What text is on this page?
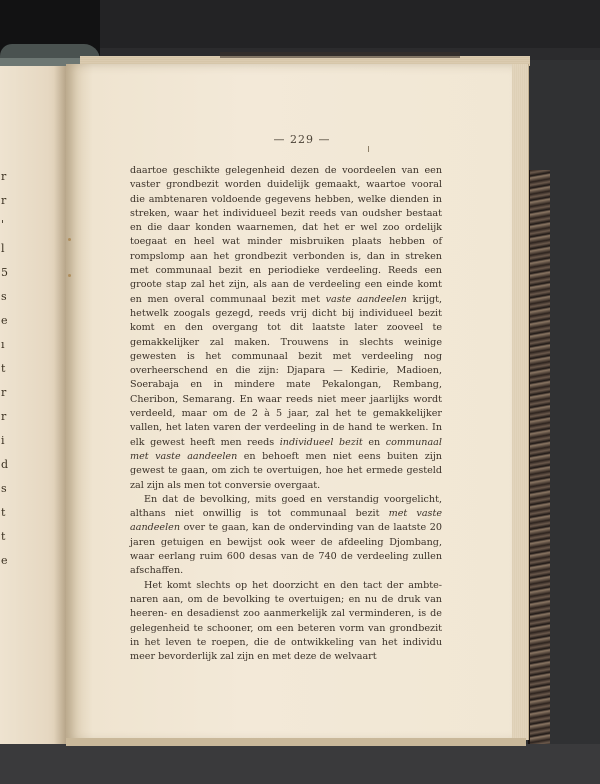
r
r
'
l
5
s
e
ı
t
r
r
i
d
s
t
t
e
— 229 —

daartoe geschikte gelegenheid dezen de voordeelen van een vaster grondbezit worden duidelijk gemaakt, waartoe vooral die ambtenaren voldoende gegevens hebben, welke dienden in streken, waar het individueel bezit reeds van oudsher bestaat en die daar konden waarnemen, dat het er wel zoo ordelijk toegaat en heel wat minder misbruiken plaats hebben of rompslomp aan het grondbezit verbonden is, dan in streken met communaal bezit en periodieke verdeeling. Reeds een groote stap zal het zijn, als aan de verdeeling een einde komt en men overal communaal bezit met vaste aandeelen krijgt, hetwelk zoogals gezegd, reeds vrij dicht bij individueel bezit komt en den overgang tot dit laatste later zooveel te gemakkelijker zal maken. Trouwens in slechts weinige gewesten is het communaal bezit met verdeeling nog overheerschend en die zijn: Djapara — Kedirie, Madioen, Soerabaja en in mindere mate Pekalongan, Rembang, Cheribon, Semarang. En waar reeds niet meer jaarlijks wordt verdeeld, maar om de 2 à 5 jaar, zal het te gemakkelijker vallen, het laten varen der verdeeling in de hand te werken. In elk gewest heeft men reeds individueel bezit en communaal met vaste aandeelen en behoeft men niet eens buiten zijn gewest te gaan, om zich te overtuigen, hoe het ermede gesteld zal zijn als men tot conversie overgaat.

En dat de bevolking, mits goed en verstandig voorgelicht, althans niet onwillig is tot communaal bezit met vaste aandeelen over te gaan, kan de ondervinding van de laatste 20 jaren getuigen en bewijst ook weer de afdeeling Djombang, waar eerlang ruim 600 desas van de 740 de verdeeling zullen afschaffen.

Het komt slechts op het doorzicht en den tact der ambtenaren aan, om de bevolking te overtuigen; en nu de druk van heeren- en desadienst zoo aanmerkelijk zal verminderen, is de gelegenheid te schooner, om een beteren vorm van grondbezit in het leven te roepen, die de ontwikkeling van het individu meer bevorderlijk zal zijn en met deze de welvaart
